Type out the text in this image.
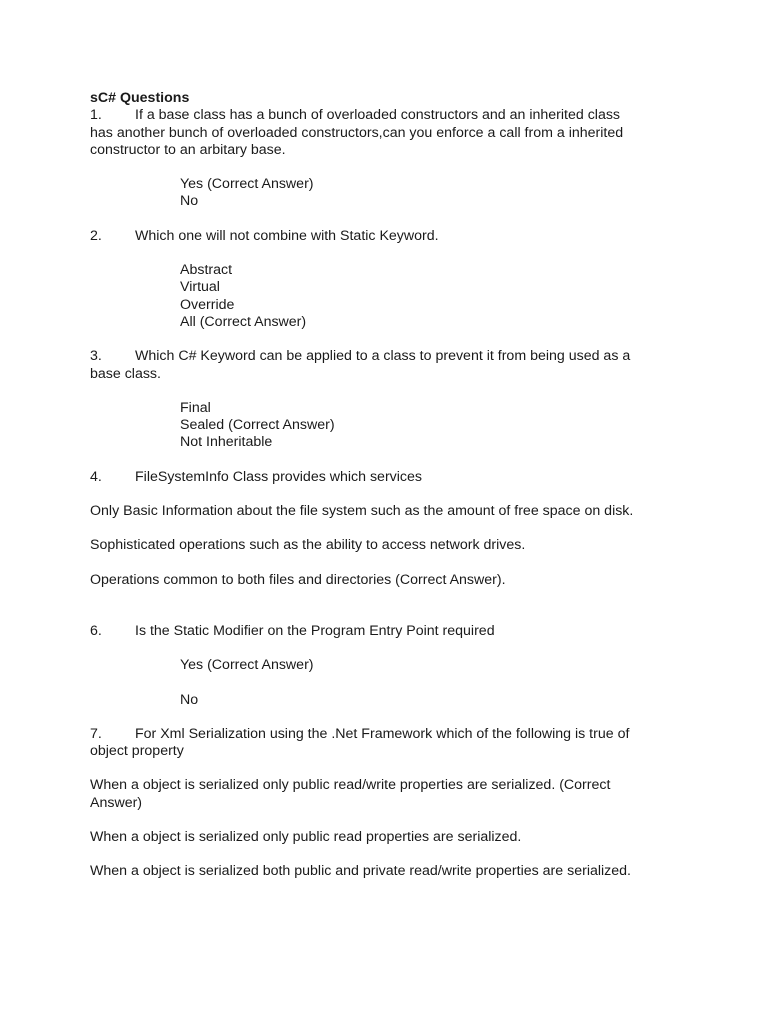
sC# Questions

1. If a base class has a bunch of overloaded constructors and an inherited class
has another bunch of overloaded constructors,can you enforce a call from a inherited
constructor to an arbitary base.
Yes (Correct Answer)
No
2. Which one will not combine with Static Keyword.
Abstract
Virtual
Override
All (Correct Answer)
3. Which C# Keyword can be applied to a class to prevent it from being used as a
base class.
Final
Sealed (Correct Answer)
Not Inheritable
4. FileSystemInfo Class provides which services

Only Basic Information about the file system such as the amount of free space on disk.

Sophisticated operations such as the ability to access network drives.

Operations common to both files and directories (Correct Answer).

6. Is the Static Modifier on the Program Entry Point required
Yes (Correct Answer)
No
7. For Xml Serialization using the .Net Framework which of the following is true of
object property

When a object is serialized only public read/write properties are serialized. (Correct
Answer)

When a object is serialized only public read properties are serialized.

When a object is serialized both public and private read/write properties are serialized.
